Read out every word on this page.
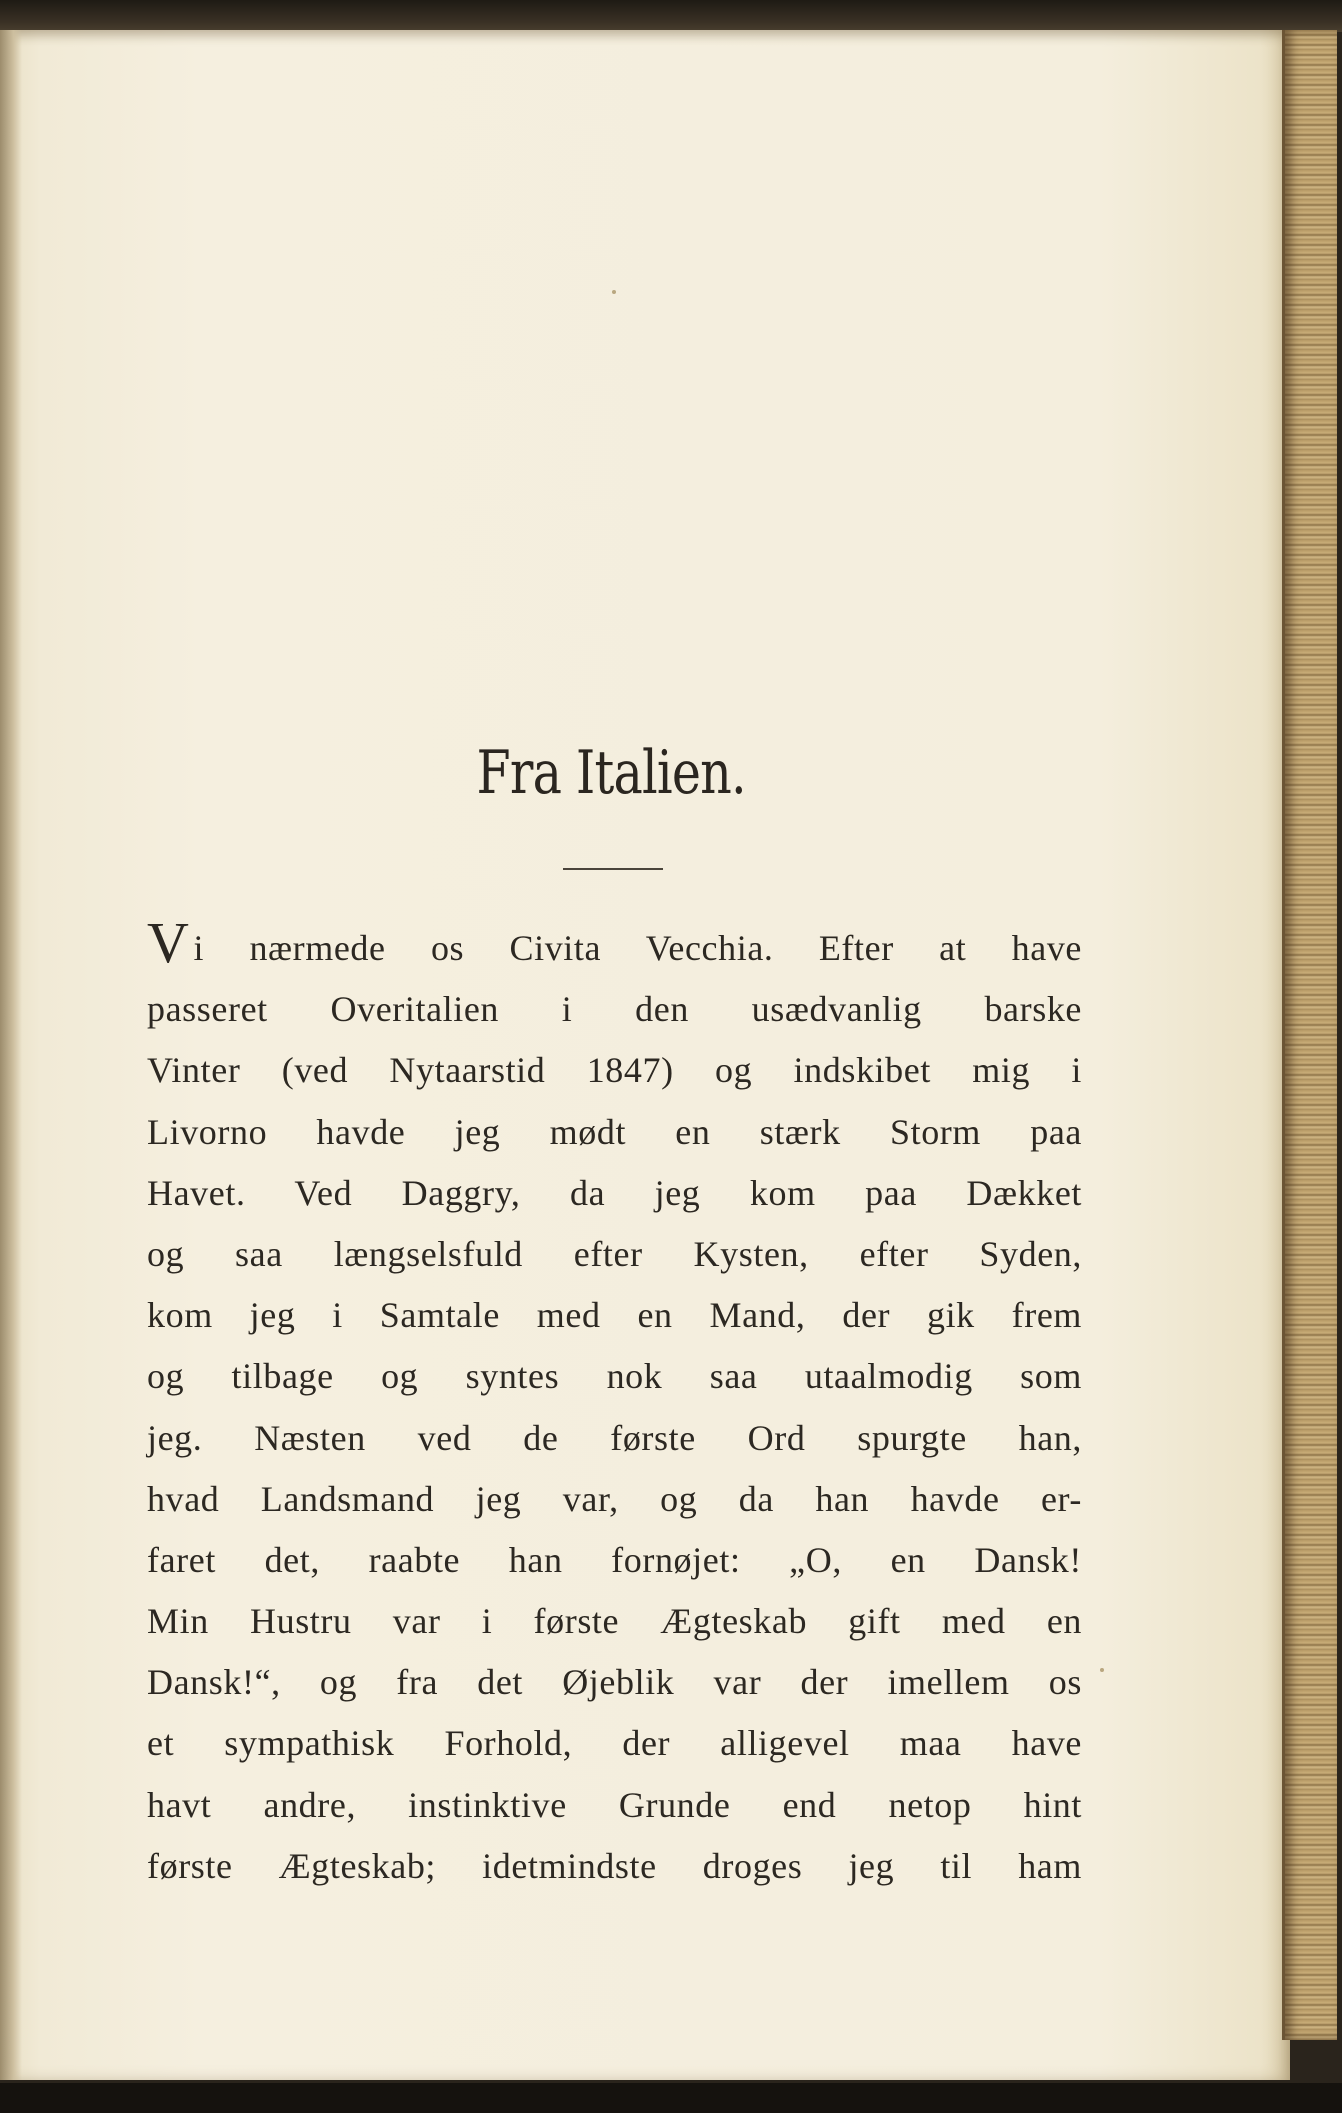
Fra Italien.
V i nærmede os Civita Vecchia. Efter at have
passeret Overitalien i den usædvanlig barske
Vinter (ved Nytaarstid 1847) og indskibet mig i
Livorno havde jeg mødt en stærk Storm paa
Havet. Ved Daggry, da jeg kom paa Dækket
og saa længselsfuld efter Kysten, efter Syden,
kom jeg i Samtale med en Mand, der gik frem
og tilbage og syntes nok saa utaalmodig som
jeg. Næsten ved de første Ord spurgte han,
hvad Landsmand jeg var, og da han havde er-
faret det, raabte han fornøjet: „O, en Dansk!
Min Hustru var i første Ægteskab gift med en
Dansk!“, og fra det Øjeblik var der imellem os
et sympathisk Forhold, der alligevel maa have
havt andre, instinktive Grunde end netop hint
første Ægteskab; idetmindste droges jeg til ham
